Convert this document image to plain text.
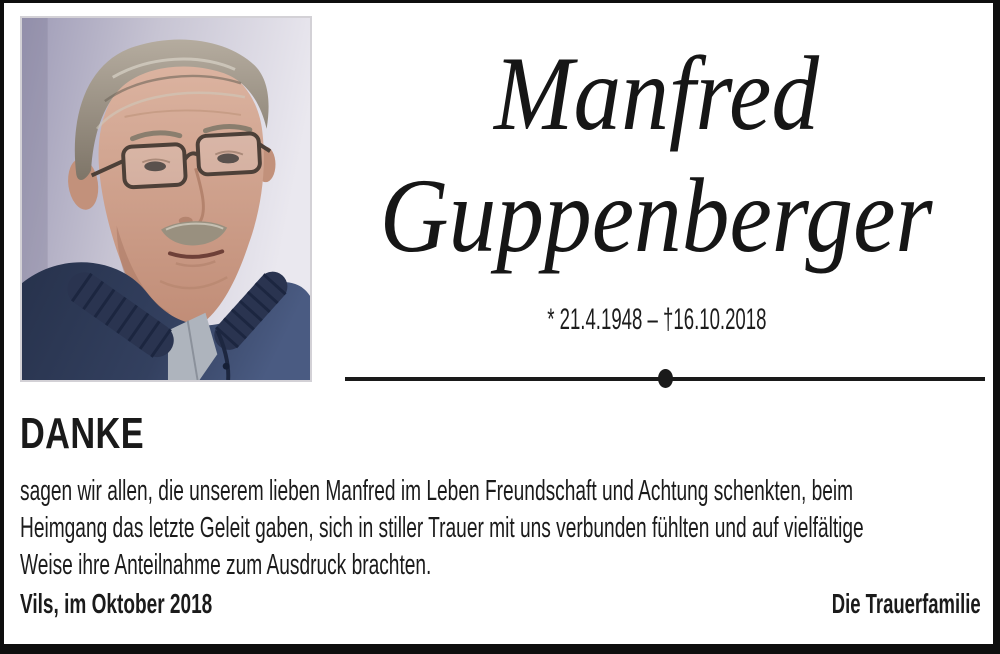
Manfred
Guppenberger
* 21.4.1948 – †16.10.2018
DANKE
sagen wir allen, die unserem lieben Manfred im Leben Freundschaft und Achtung schenkten, beim
Heimgang das letzte Geleit gaben, sich in stiller Trauer mit uns verbunden fühlten und auf vielfältige
Weise ihre Anteilnahme zum Ausdruck brachten.
Vils, im Oktober 2018	Die Trauerfamilie
